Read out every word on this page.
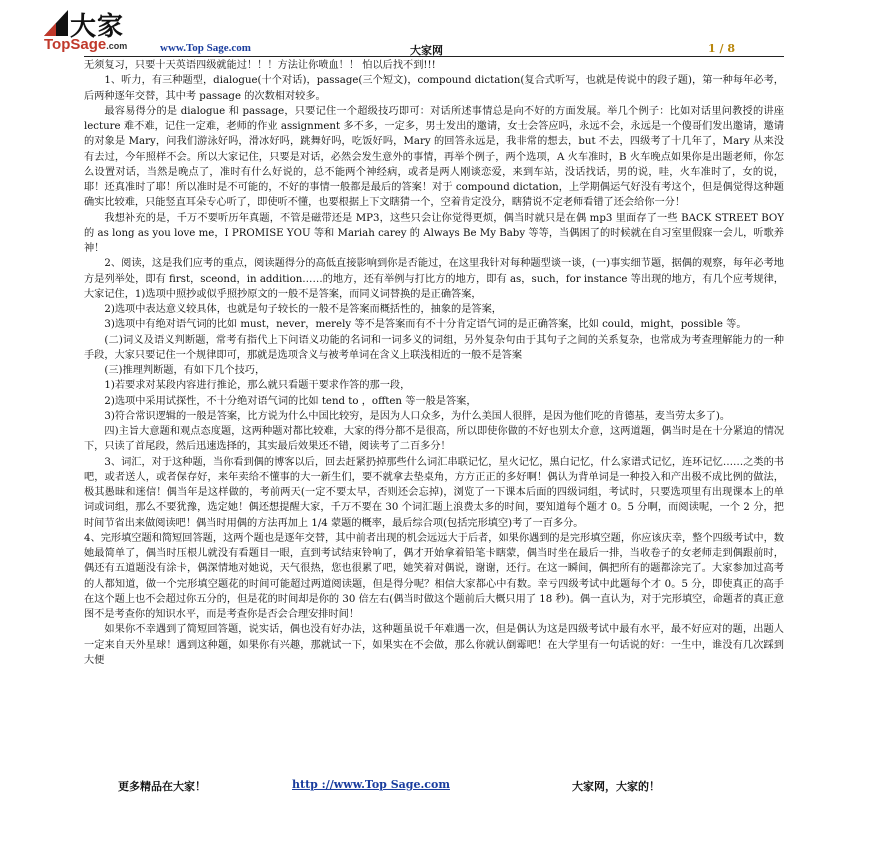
大家
TopSage.com	www.Top Sage.com	大家网	1 / 8

无须复习，只要十天英语四级就能过！！！方法让你喷血！！ 怕以后找不到!!!

1、听力，有三种题型，dialogue(十个对话)，passage(三个短文)，compound dictation(复合式听写，也就是传说中的段子题)，第一种每年必考，后两种逐年交替，其中考 passage 的次数相对较多。

最容易得分的是 dialogue 和 passage，只要记住一个超级技巧即可：对话所述事情总是向不好的方面发展。举几个例子：比如对话里问教授的讲座 lecture 难不难，记住一定难，老师的作业 assignment 多不多，一定多，男士发出的邀请，女士会答应吗，永远不会，永远是一个傻哥们发出邀请，邀请的对象是 Mary，问我们游泳好吗，滑冰好吗，跳舞好吗，吃饭好吗，Mary 的回答永远是，我非常的想去，but 不去，四级考了十几年了，Mary 从来没有去过，今年照样不会。所以大家记住，只要是对话，必然会发生意外的事情，再举个例子，两个选项，A 火车准时，B 火车晚点如果你是出题老师，你怎么设置对话，当然是晚点了，准时有什么好说的，总不能两个神经病，或者是两人刚谈恋爱，来到车站，没话找话，男的说，哇，火车准时了，女的说，耶！还真准时了耶！所以准时是不可能的，不好的事情一般都是最后的答案！对于 compound dictation，上学期偶运气好没有考这个，但是偶觉得这种题确实比较难，只能竖直耳朵专心听了，即使听不懂，也要根据上下文瞎猜一个，空着肯定没分，瞎猜说不定老师看错了还会给你一分！

我想补充的是，千万不要听历年真题，不管是磁带还是 MP3，这些只会让你觉得更烦，偶当时就只是在偶 mp3 里面存了一些 BACK STREET BOY 的 as long as you love me，I PROMISE YOU 等和 Mariah carey 的 Always Be My Baby 等等，当偶困了的时候就在自习室里假寐一会儿，听歌养神！

2、阅读，这是我们应考的重点，阅读题得分的高低直接影响到你是否能过，在这里我针对每种题型谈一谈，(一)事实细节题，据偶的观察，每年必考地方是列举处，即有 first，sceond，in addition……的地方，还有举例与打比方的地方，即有 as，such，for instance 等出现的地方，有几个应考规律，大家记住，1)选项中照抄或似乎照抄原文的一般不是答案，而同义词替换的是正确答案，

2)选项中表达意义较具体，也就是句子较长的一般不是答案而概括性的，抽象的是答案，

3)选项中有绝对语气词的比如 must，never，merely 等不是答案而有不十分肯定语气词的是正确答案，比如 could，might，possible 等。

(二)词义及语义判断题，常考有指代上下问语义功能的名词和一词多义的词组，另外复杂句由于其句子之间的关系复杂，也常成为考查理解能力的一种手段，大家只要记住一个规律即可，那就是选项含义与被考单词在含义上联浅相近的一般不是答案

(三)推理判断题，有如下几个技巧，

1)若要求对某段内容进行推论，那么就只看题干要求作答的那一段，

2)选项中采用试探性，不十分绝对语气词的比如 tend to ，offten 等一般是答案，

3)符合常识逻辑的一般是答案，比方说为什么中国比较穷，是因为人口众多，为什么美国人很胖，是因为他们吃的肯德基，麦当劳太多了)。

四)主旨大意题和观点态度题，这两种题对都比较难，大家的得分都不是很高，所以即使你做的不好也别太介意，这两道题，偶当时是在十分紧迫的情况下，只读了首尾段，然后迅速选择的，其实最后效果还不错，阅读考了二百多分！

3、词汇，对于这种题，当你看到偶的博客以后，回去赶紧扔掉那些什么词汇串联记忆，星火记忆，黑白记忆，什么家谱式记忆，连环记忆……之类的书吧，或者送人，或者保存好，来年卖给不懂事的大一新生们，要不就拿去垫桌角，方方正正的多好啊！偶认为背单词是一种投入和产出极不成比例的做法，极其愚昧和迷信！偶当年是这样做的，考前两天(一定不要太早，否则还会忘掉)，浏览了一下课本后面的四级词组，考试时，只要选项里有出现课本上的单词或词组，那么不要犹豫，选定她！偶还想提醒大家，千万不要在 30 个词汇题上浪费太多的时间，要知道每个题才 0。5 分啊，而阅读呢，一个 2 分，把时间节省出来做阅读吧！偶当时用偶的方法再加上 1/4 蒙题的概率，最后综合项(包括完形填空)考了一百多分。

4、完形填空题和简短回答题，这两个题也是逐年交替，其中前者出现的机会远远大于后者，如果你遇到的是完形填空题，你应该庆幸，整个四级考试中，数她最简单了，偶当时压根儿就没有看题目一眼，直到考试结束铃响了，偶才开始拿着铅笔卡瞎蒙，偶当时坐在最后一排，当收卷子的女老师走到偶跟前时，偶还有五道题没有涂卡，偶深情地对她说，天气很热，您也很累了吧，她笑着对偶说，谢谢，还行。在这一瞬间，偶把所有的题都涂完了。大家参加过高考的人都知道，做一个完形填空题花的时间可能超过两道阅读题，但是得分呢？相信大家都心中有数。幸亏四级考试中此题每个才 0。5 分，即使真正的高手在这个题上也不会超过你五分的，但是花的时间却是你的 30 倍左右(偶当时做这个题前后大概只用了 18 秒)。偶一直认为，对于完形填空，命题者的真正意图不是考查你的知识水平，而是考查你是否会合理安排时间！

如果你不幸遇到了简短回答题，说实话，偶也没有好办法，这种题虽说千年难遇一次，但是偶认为这是四级考试中最有水平，最不好应对的题，出题人一定来自天外星球！遇到这种题，如果你有兴趣，那就试一下，如果实在不会做，那么你就认倒霉吧！在大学里有一句话说的好：一生中，谁没有几次踩到大便

更多精品在大家！	http ://www.Top Sage.com	大家网，大家的！
